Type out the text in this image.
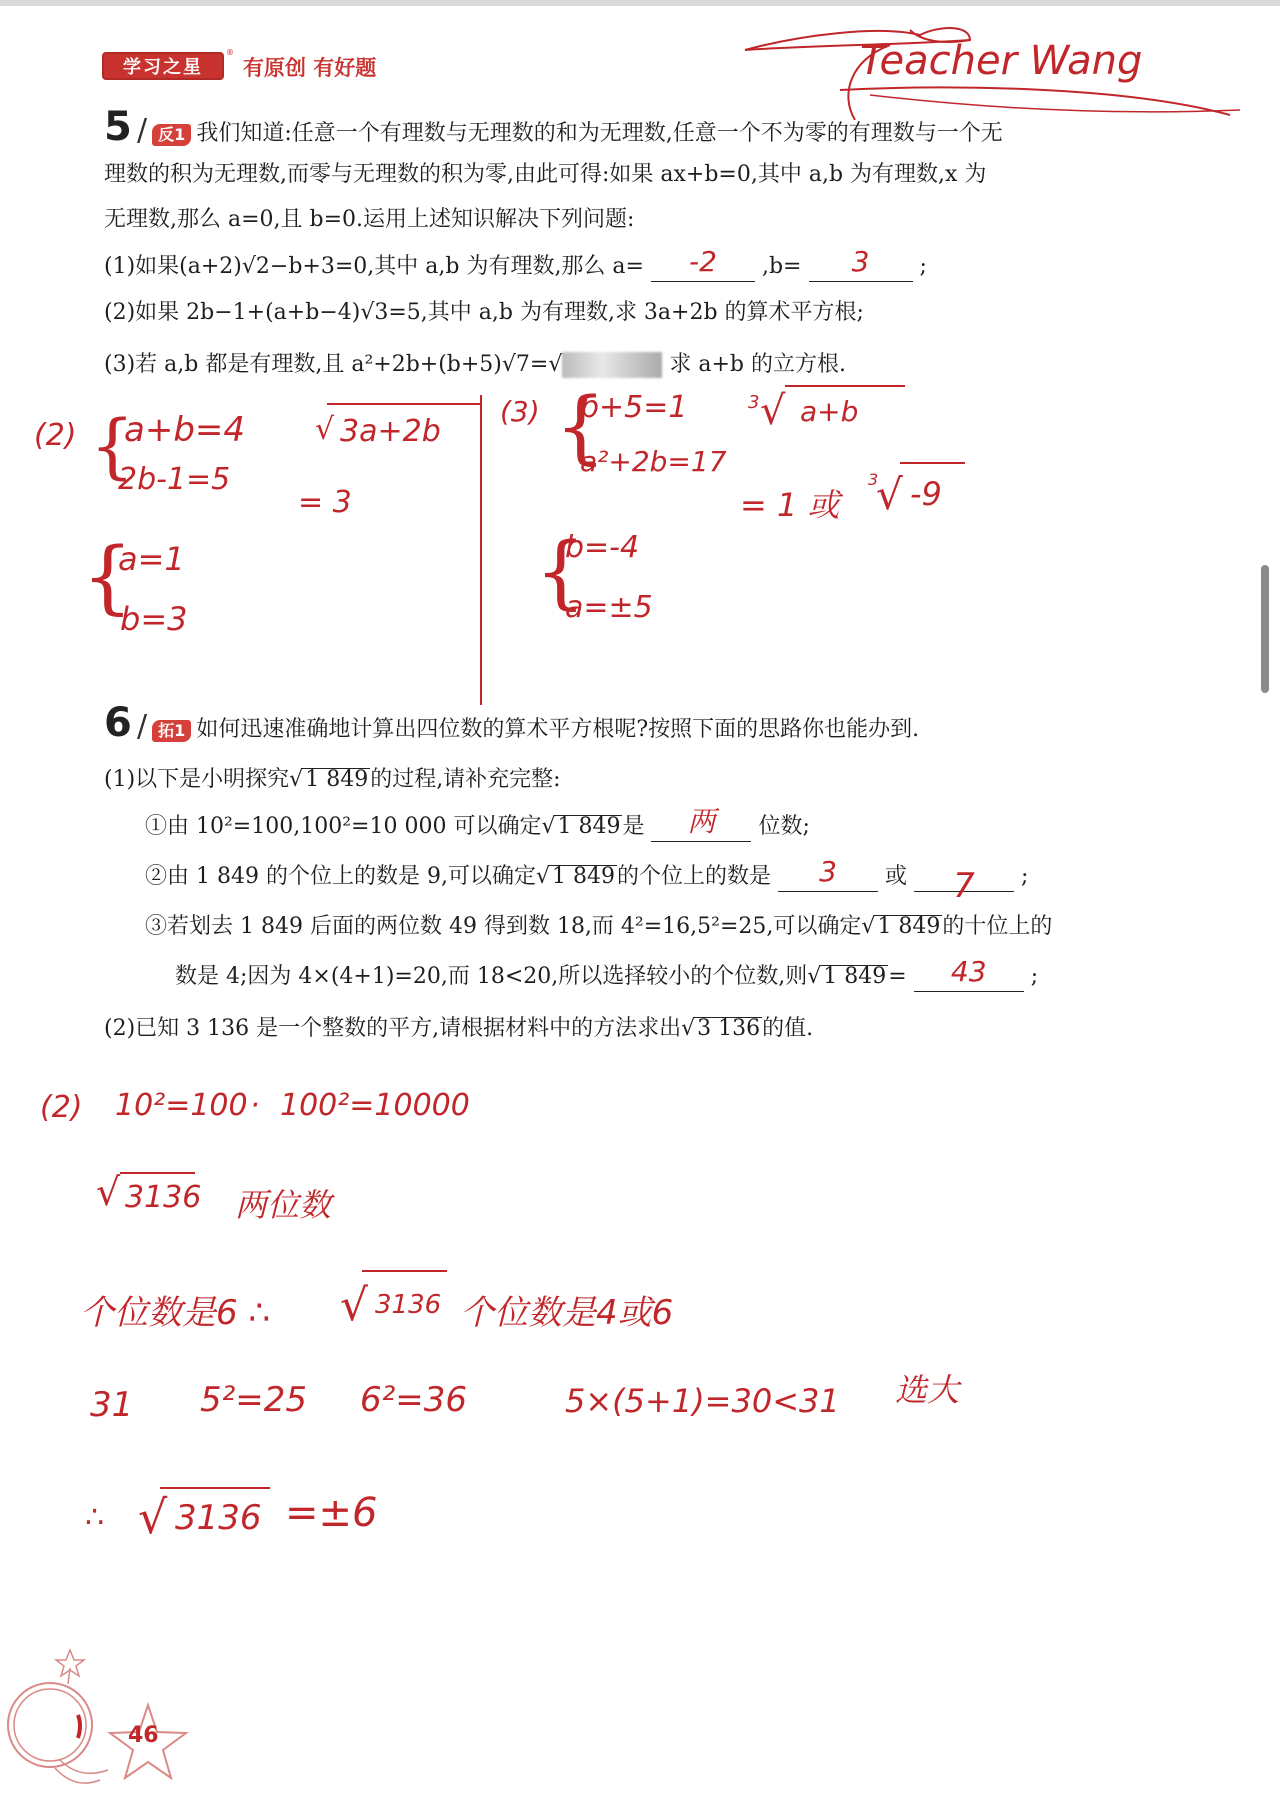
学习之星
®
有原创 有好题	Teacher Wang
5 / 反1 我们知道:任意一个有理数与无理数的和为无理数,任意一个不为零的有理数与一个无
理数的积为无理数,而零与无理数的积为零,由此可得:如果 ax+b=0,其中 a,b 为有理数,x 为
无理数,那么 a=0,且 b=0.运用上述知识解决下列问题:
(1)如果(a+2)√2−b+3=0,其中 a,b 为有理数,那么 a=	-2	,b=	3	;
(2)如果 2b−1+(a+b−4)√3=5,其中 a,b 为有理数,求 3a+2b 的算术平方根;
(3)若 a,b 都是有理数,且 a²+2b+(b+5)√7=√	求 a+b 的立方根.
(2) {
a+b=4
2b-1=5
{
a=1
b=3
√ 3a+2b
= 3
(3) {
b+5=1
a²+2b=17
{
b=-4
a=±5
3 √ a+b
= 1 或
3
√ -9
6 / 拓1 如何迅速准确地计算出四位数的算术平方根呢?按照下面的思路你也能办到.
(1)以下是小明探究√1 849的过程,请补充完整:
①由 10²=100,100²=10 000 可以确定√1 849是	两	位数;
②由 1 849 的个位上的数是 9,可以确定√1 849的个位上的数是	3	或	7	;
③若划去 1 849 后面的两位数 49 得到数 18,而 4²=16,5²=25,可以确定√1 849的十位上的
数是 4;因为 4×(4+1)=20,而 18<20,所以选择较小的个位数,则√1 849=	43	;
(2)已知 3 136 是一个整数的平方,请根据材料中的方法求出√3 136的值.
(2) 10²=100 · 100²=10000
√ 3136 两位数
个位数是6 ∴ √ 3136 个位数是4或6
31 5²=25 6²=36	5×(5+1)=30<31 选大
∴ √ 3136 =±6
46
